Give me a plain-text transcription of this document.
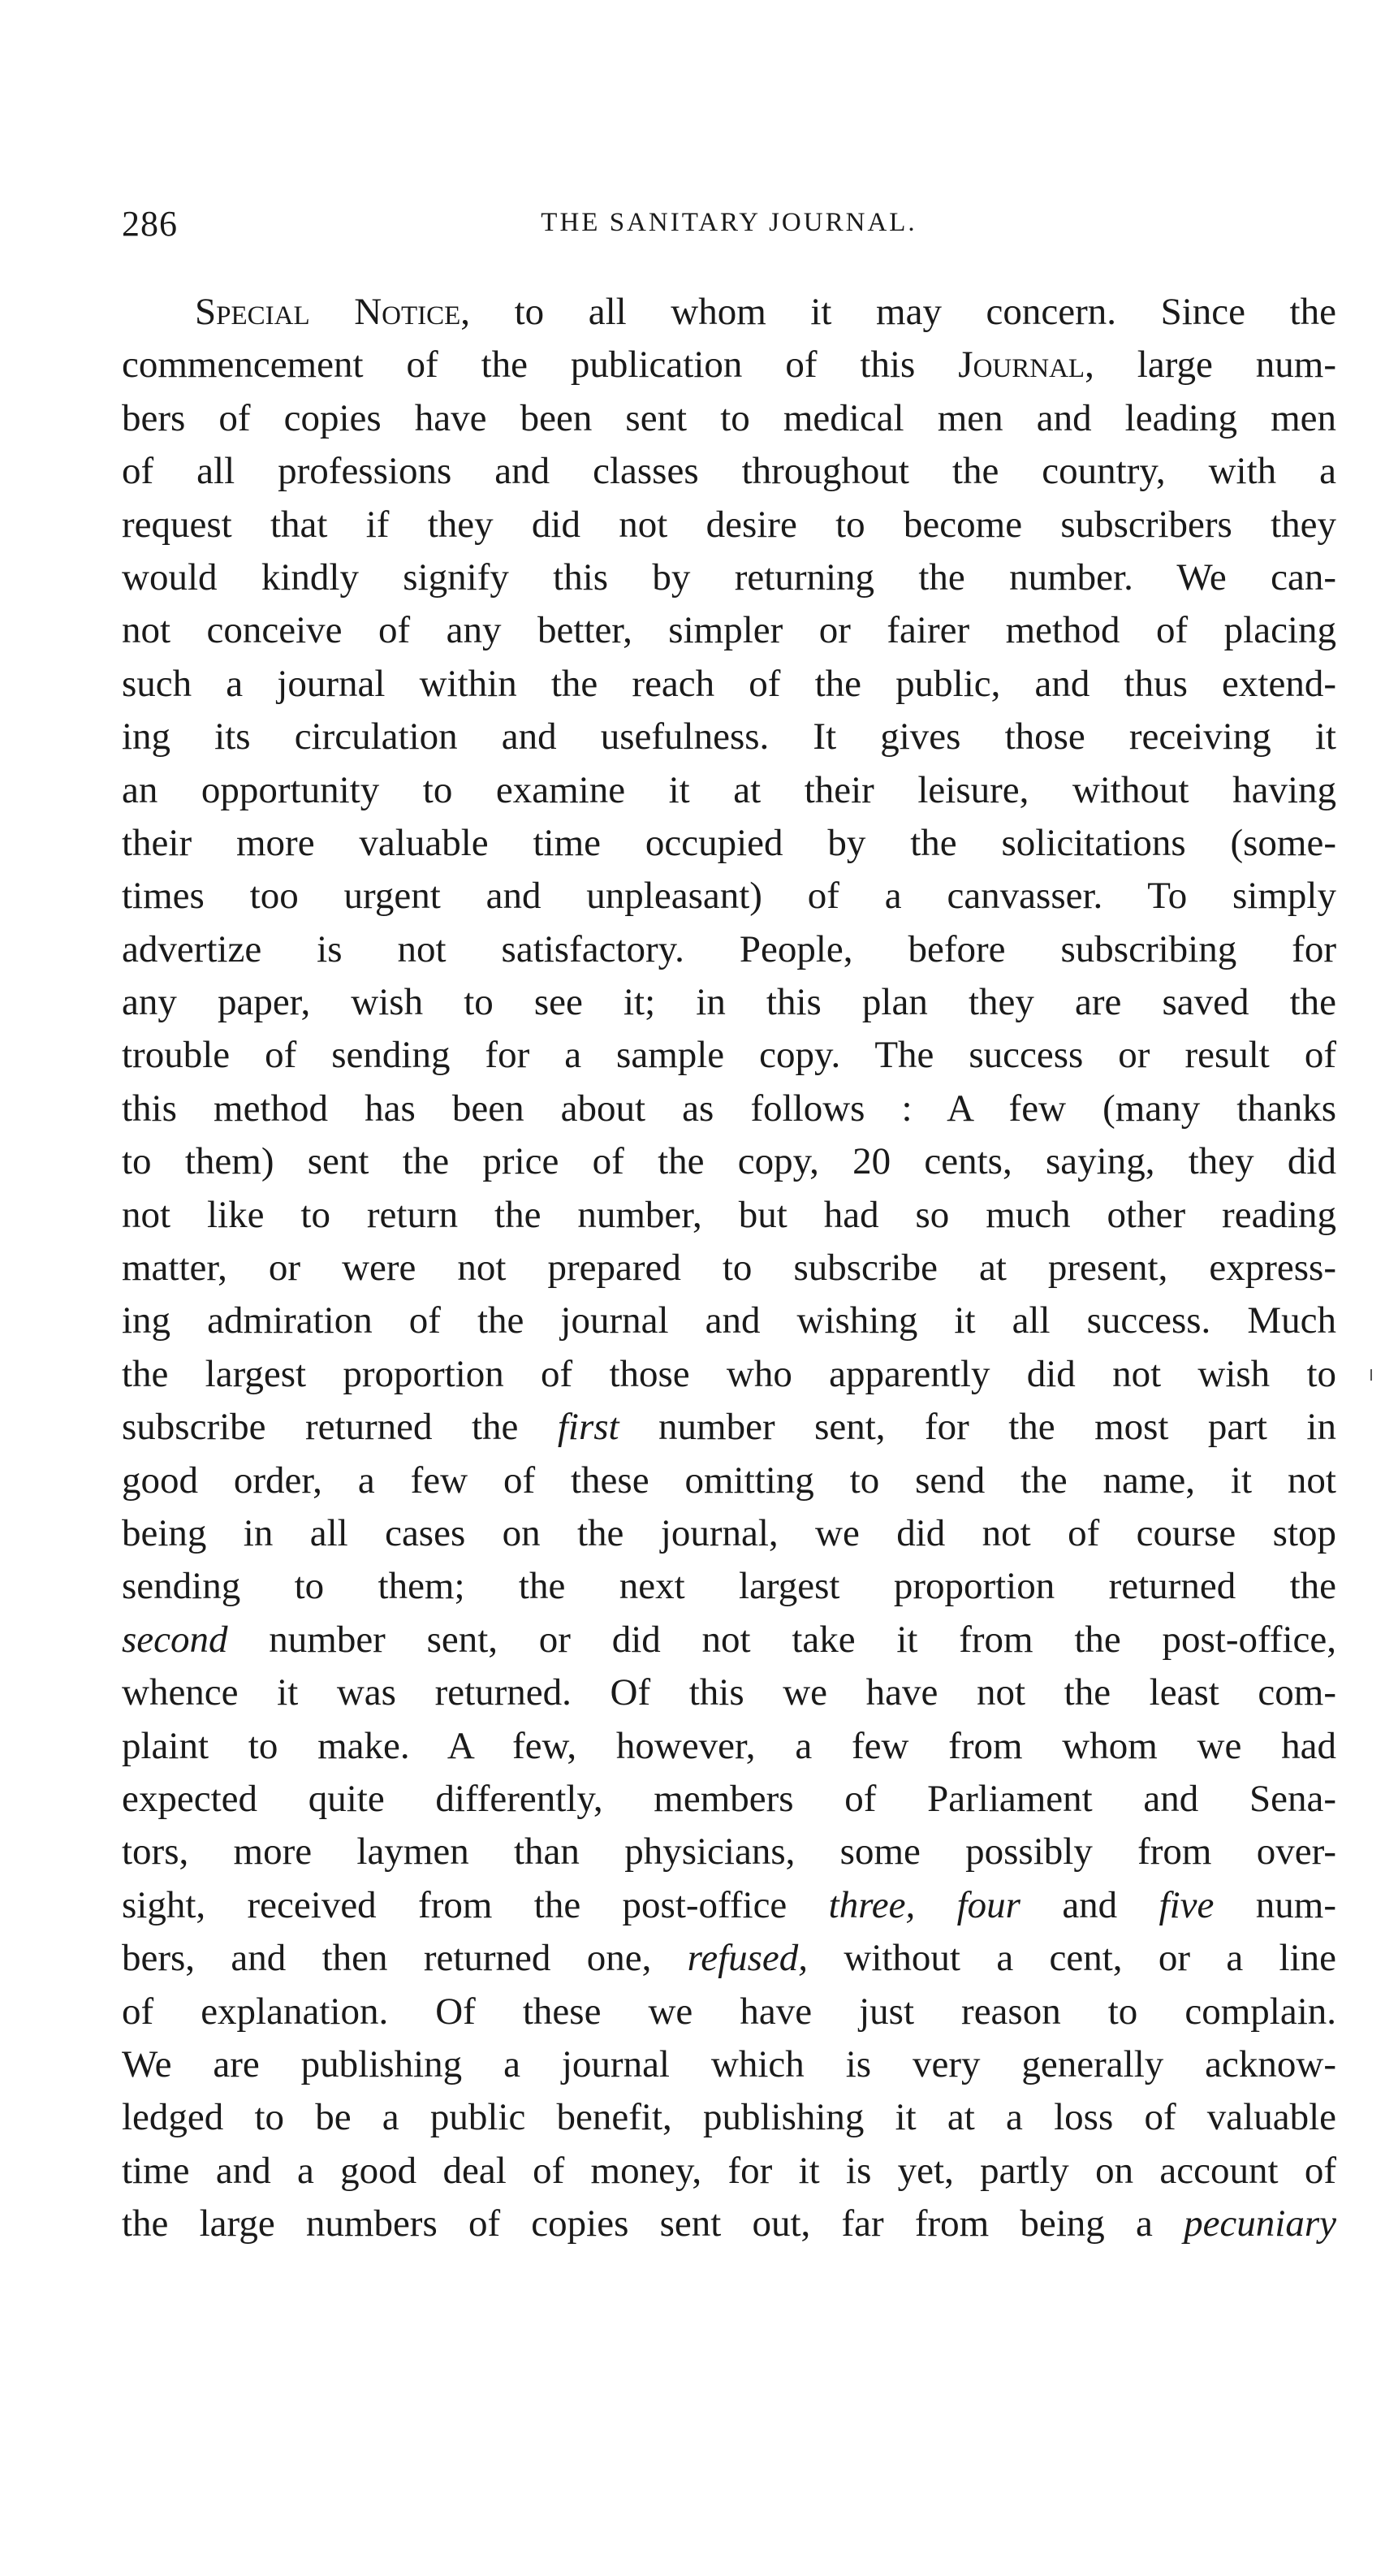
286	THE SANITARY JOURNAL.
Special Notice, to all whom it may concern. Since the
commencement of the publication of this Journal, large num-
bers of copies have been sent to medical men and leading men
of all professions and classes throughout the country, with a
request that if they did not desire to become subscribers they
would kindly signify this by returning the number. We can-
not conceive of any better, simpler or fairer method of placing
such a journal within the reach of the public, and thus extend-
ing its circulation and usefulness. It gives those receiving it
an opportunity to examine it at their leisure, without having
their more valuable time occupied by the solicitations (some-
times too urgent and unpleasant) of a canvasser. To simply
advertize is not satisfactory. People, before subscribing for
any paper, wish to see it; in this plan they are saved the
trouble of sending for a sample copy. The success or result of
this method has been about as follows : A few (many thanks
to them) sent the price of the copy, 20 cents, saying, they did
not like to return the number, but had so much other reading
matter, or were not prepared to subscribe at present, express-
ing admiration of the journal and wishing it all success. Much
the largest proportion of those who apparently did not wish to
subscribe returned the first number sent, for the most part in
good order, a few of these omitting to send the name, it not
being in all cases on the journal, we did not of course stop
sending to them; the next largest proportion returned the
second number sent, or did not take it from the post-office,
whence it was returned. Of this we have not the least com-
plaint to make. A few, however, a few from whom we had
expected quite differently, members of Parliament and Sena-
tors, more laymen than physicians, some possibly from over-
sight, received from the post-office three, four and five num-
bers, and then returned one, refused, without a cent, or a line
of explanation. Of these we have just reason to complain.
We are publishing a journal which is very generally acknow-
ledged to be a public benefit, publishing it at a loss of valuable
time and a good deal of money, for it is yet, partly on account of
the large numbers of copies sent out, far from being a pecuniary
